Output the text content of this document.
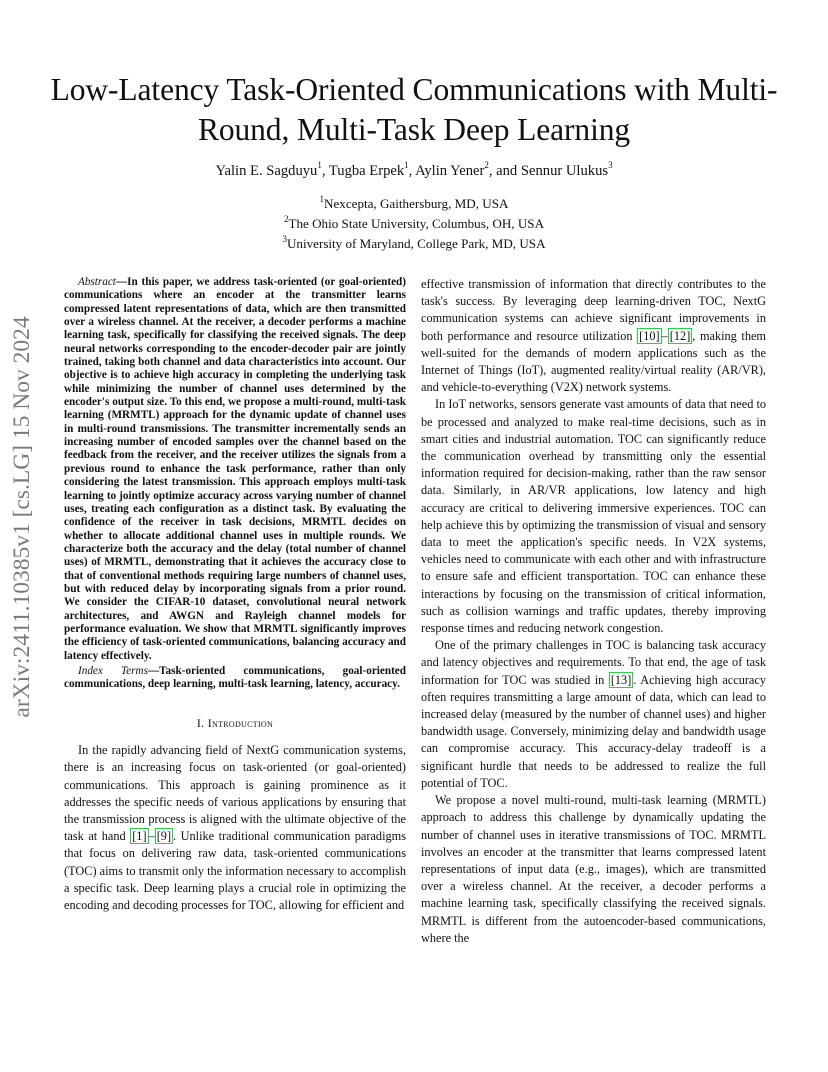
Low-Latency Task-Oriented Communications with Multi-Round, Multi-Task Deep Learning
Yalin E. Sagduyu$^1$, Tugba Erpek$^1$, Aylin Yener$^2$, and Sennur Ulukus$^3$
$^1$Nexcepta, Gaithersburg, MD, USA
$^2$The Ohio State University, Columbus, OH, USA
$^3$University of Maryland, College Park, MD, USA
arXiv:2411.10385v1 [cs.LG] 15 Nov 2024

Abstract—In this paper, we address task-oriented (or goal-oriented) communications where an encoder at the transmitter learns compressed latent representations of data, which are then transmitted over a wireless channel. At the receiver, a decoder performs a machine learning task, specifically for classifying the received signals. The deep neural networks corresponding to the encoder-decoder pair are jointly trained, taking both channel and data characteristics into account. Our objective is to achieve high accuracy in completing the underlying task while minimizing the number of channel uses determined by the encoder's output size. To this end, we propose a multi-round, multi-task learning (MRMTL) approach for the dynamic update of channel uses in multi-round transmissions. The transmitter incrementally sends an increasing number of encoded samples over the channel based on the feedback from the receiver, and the receiver utilizes the signals from a previous round to enhance the task performance, rather than only considering the latest transmission. This approach employs multi-task learning to jointly optimize accuracy across varying number of channel uses, treating each configuration as a distinct task. By evaluating the confidence of the receiver in task decisions, MRMTL decides on whether to allocate additional channel uses in multiple rounds. We characterize both the accuracy and the delay (total number of channel uses) of MRMTL, demonstrating that it achieves the accuracy close to that of conventional methods requiring large numbers of channel uses, but with reduced delay by incorporating signals from a prior round. We consider the CIFAR-10 dataset, convolutional neural network architectures, and AWGN and Rayleigh channel models for performance evaluation. We show that MRMTL significantly improves the efficiency of task-oriented communications, balancing accuracy and latency effectively.

Index Terms—Task-oriented communications, goal-oriented communications, deep learning, multi-task learning, latency, accuracy.

I. Introduction

In the rapidly advancing field of NextG communication systems, there is an increasing focus on task-oriented (or goal-oriented) communications. This approach is gaining prominence as it addresses the specific needs of various applications by ensuring that the transmission process is aligned with the ultimate objective of the task at hand [1] – [9] . Unlike traditional communication paradigms that focus on delivering raw data, task-oriented communications (TOC) aims to transmit only the information necessary to accomplish a specific task. Deep learning plays a crucial role in optimizing the encoding and decoding processes for TOC, allowing for efficient and

effective transmission of information that directly contributes to the task's success. By leveraging deep learning-driven TOC, NextG communication systems can achieve significant improvements in both performance and resource utilization [10] – [12] , making them well-suited for the demands of modern applications such as the Internet of Things (IoT), augmented reality/virtual reality (AR/VR), and vehicle-to-everything (V2X) network systems.

In IoT networks, sensors generate vast amounts of data that need to be processed and analyzed to make real-time decisions, such as in smart cities and industrial automation. TOC can significantly reduce the communication overhead by transmitting only the essential information required for decision-making, rather than the raw sensor data. Similarly, in AR/VR applications, low latency and high accuracy are critical to delivering immersive experiences. TOC can help achieve this by optimizing the transmission of visual and sensory data to meet the application's specific needs. In V2X systems, vehicles need to communicate with each other and with infrastructure to ensure safe and efficient transportation. TOC can enhance these interactions by focusing on the transmission of critical information, such as collision warnings and traffic updates, thereby improving response times and reducing network congestion.

One of the primary challenges in TOC is balancing task accuracy and latency objectives and requirements. To that end, the age of task information for TOC was studied in [13] . Achieving high accuracy often requires transmitting a large amount of data, which can lead to increased delay (measured by the number of channel uses) and higher bandwidth usage. Conversely, minimizing delay and bandwidth usage can compromise accuracy. This accuracy-delay tradeoff is a significant hurdle that needs to be addressed to realize the full potential of TOC.

We propose a novel multi-round, multi-task learning (MRMTL) approach to address this challenge by dynamically updating the number of channel uses in iterative transmissions of TOC. MRMTL involves an encoder at the transmitter that learns compressed latent representations of input data (e.g., images), which are transmitted over a wireless channel. At the receiver, a decoder performs a machine learning task, specifically classifying the received signals. MRMTL is different from the autoencoder-based communications, where the
